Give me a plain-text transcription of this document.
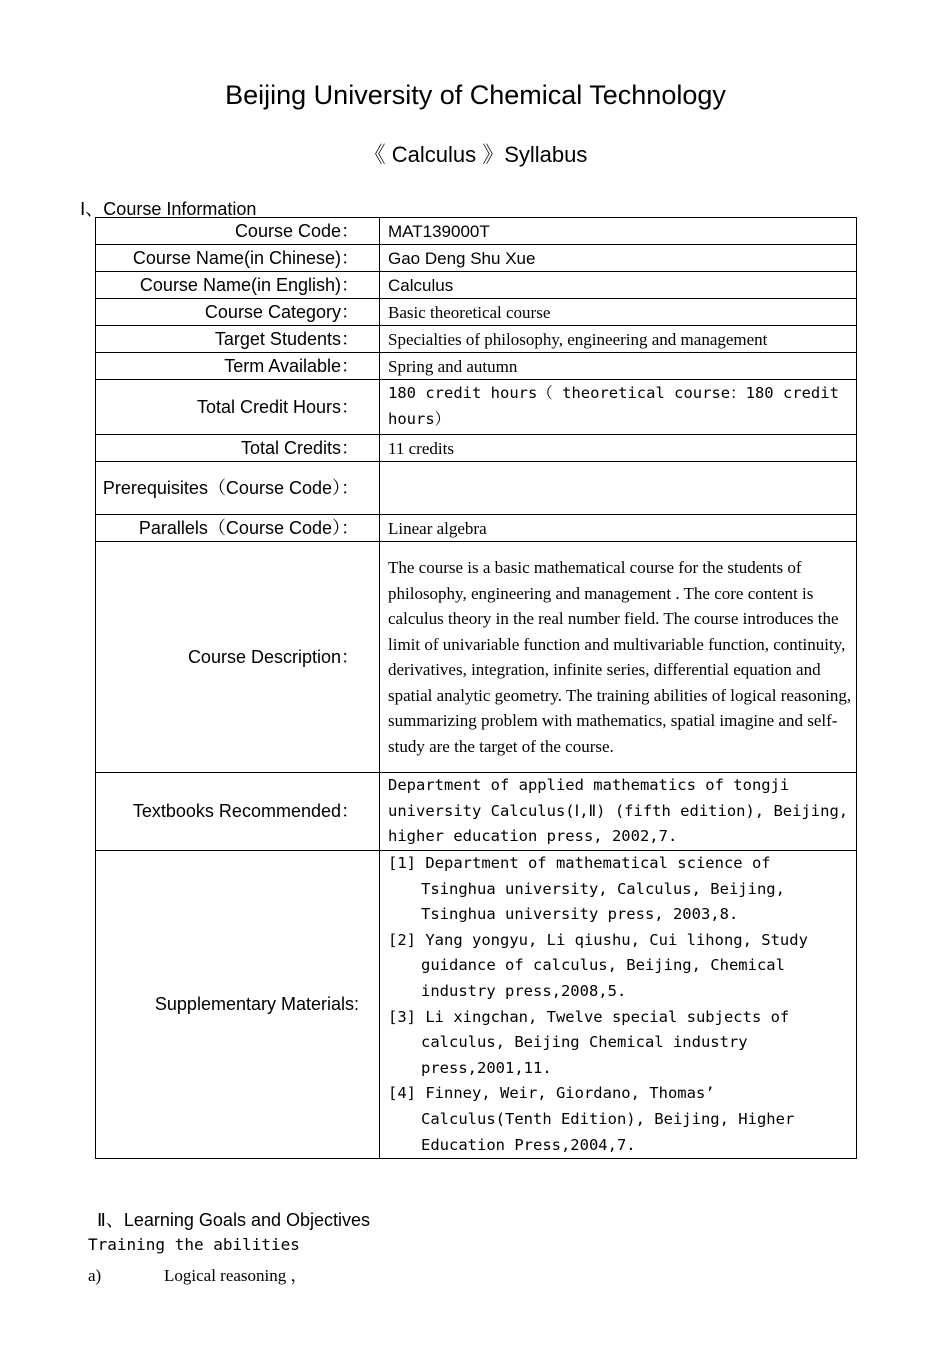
Beijing University of Chemical Technology
《 Calculus 》Syllabus
Ⅰ、Course Information
Course Code：	MAT139000T
Course Name(in Chinese)：	Gao Deng Shu Xue
Course Name(in English)：	Calculus
Course Category：	Basic theoretical course
Target Students：	Specialties of philosophy, engineering and management
Term Available：	Spring and autumn
Total Credit Hours：	180 credit hours（ theoretical course：180 credit hours）
Total Credits：	11 credits
Prerequisites（Course Code）：	
Parallels（Course Code）：	Linear algebra
Course Description：	The course is a basic mathematical course for the students of philosophy, engineering and management . The core content is calculus theory in the real number field. The course introduces the limit of univariable function and multivariable function, continuity, derivatives, integration, infinite series, differential equation and spatial analytic geometry. The training abilities of logical reasoning, summarizing problem with mathematics, spatial imagine and self-study are the target of the course.
Textbooks Recommended：	Department of applied mathematics of tongji university Calculus(Ⅰ,Ⅱ) (fifth edition), Beijing, higher education press, 2002,7.
Supplementary Materials:	[1] Department of mathematical science of Tsinghua university, Calculus, Beijing, Tsinghua university press, 2003,8.
[2] Yang yongyu, Li qiushu, Cui lihong, Study guidance of calculus, Beijing, Chemical industry press,2008,5.
[3] Li xingchan, Twelve special subjects of calculus, Beijing Chemical industry press,2001,11.
[4] Finney, Weir, Giordano, Thomas’ Calculus(Tenth Edition), Beijing, Higher Education Press,2004,7.
Ⅱ、Learning Goals and Objectives
Training the abilities
a)	Logical reasoning ，
